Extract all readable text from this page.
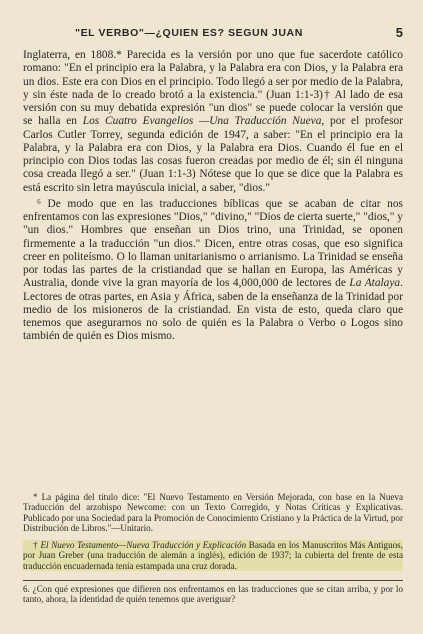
"EL VERBO"—¿QUIEN ES? SEGUN JUAN	5

Inglaterra, en 1808.* Parecida es la versión por uno que fue sacerdote católico romano: "En el principio era la Palabra, y la Palabra era con Dios, y la Palabra era un dios. Este era con Dios en el principio. Todo llegó a ser por medio de la Palabra, y sin éste nada de lo creado brotó a la existencia." (Juan 1:1-3)† Al lado de esa versión con su muy debatida expresión "un dios" se puede colocar la versión que se halla en Los Cuatro Evangelios —Una Traducción Nueva, por el profesor Carlos Cutler Torrey, segunda edición de 1947, a saber: "En el principio era la Palabra, y la Palabra era con Dios, y la Palabra era Dios. Cuando él fue en el principio con Dios todas las cosas fueron creadas por medio de él; sin él ninguna cosa creada llegó a ser." (Juan 1:1-3) Nótese que lo que se dice que la Palabra es está escrito sin letra mayúscula inicial, a saber, "dios."

⁶ De modo que en las traducciones bíblicas que se acaban de citar nos enfrentamos con las expresiones "Dios," "divino," "Dios de cierta suerte," "dios," y "un dios." Hombres que enseñan un Dios trino, una Trinidad, se oponen firmemente a la traducción "un dios." Dicen, entre otras cosas, que eso significa creer en politeísmo. O lo llaman unitarianismo o arrianismo. La Trinidad se enseña por todas las partes de la cristiandad que se hallan en Europa, las Américas y Australia, donde vive la gran mayoría de los 4,000,000 de lectores de La Atalaya. Lectores de otras partes, en Asia y África, saben de la enseñanza de la Trinidad por medio de los misioneros de la cristiandad. En vista de esto, queda claro que tenemos que asegurarnos no solo de quién es la Palabra o Verbo o Logos sino también de quién es Dios mismo.

* La página del título dice: "El Nuevo Testamento en Versión Mejorada, con base en la Nueva Traducción del arzobispo Newcome: con un Texto Corregido, y Notas Críticas y Explicativas. Publicado por una Sociedad para la Promoción de Conocimiento Cristiano y la Práctica de la Virtud, por Distribución de Libros."—Unitario.

† El Nuevo Testamento—Nueva Traducción y Explicación Basada en los Manuscritos Más Antiguos, por Juan Greber (una traducción de alemán a inglés), edición de 1937; la cubierta del frente de esta traducción encuadernada tenía estampada una cruz dorada.

6. ¿Con qué expresiones que difieren nos enfrentamos en las traducciones que se citan arriba, y por lo tanto, ahora, la identidad de quién tenemos que averiguar?
